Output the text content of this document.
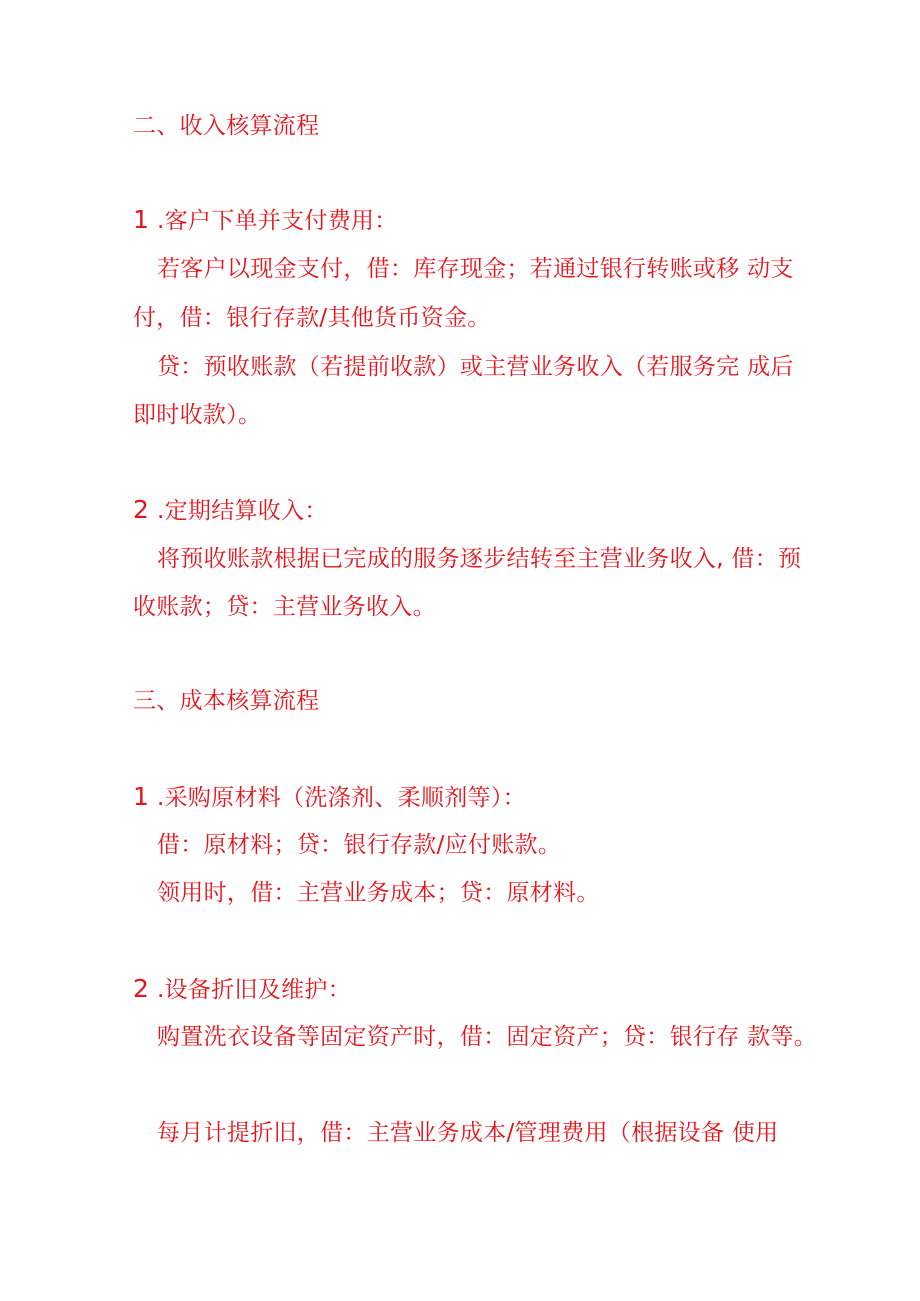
二、收入核算流程
1 .客户下单并支付费用：
若客户以现金支付，借：库存现金；若通过银行转账或移 动支
付，借：银行存款/其他货币资金。
贷：预收账款（若提前收款）或主营业务收入（若服务完 成后
即时收款）。
2 .定期结算收入：
将预收账款根据已完成的服务逐步结转至主营业务收入, 借：预
收账款；贷：主营业务收入。
三、成本核算流程
1 .采购原材料（洗涤剂、柔顺剂等）：
借：原材料；贷：银行存款/应付账款。
领用时，借：主营业务成本；贷：原材料。
2 .设备折旧及维护：
购置洗衣设备等固定资产时，借：固定资产；贷：银行存 款等。
每月计提折旧，借：主营业务成本/管理费用（根据设备 使用
